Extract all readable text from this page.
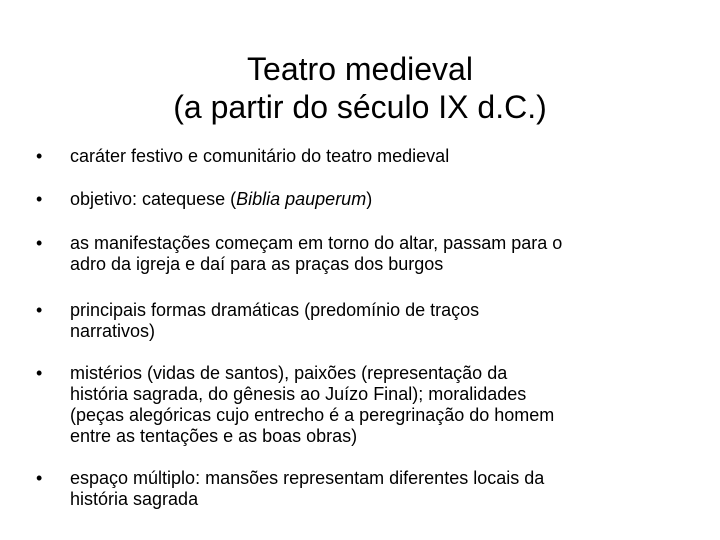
Teatro medieval
(a partir do século IX d.C.)
•	caráter festivo e comunitário do teatro medieval
•	objetivo: catequese (Biblia pauperum)
•	as manifestações começam em torno do altar, passam para o
adro da igreja e daí para as praças dos burgos
•	principais formas dramáticas (predomínio de traços
narrativos)
•	mistérios (vidas de santos), paixões (representação da
história sagrada, do gênesis ao Juízo Final); moralidades
(peças alegóricas cujo entrecho é a peregrinação do homem
entre as tentações e as boas obras)
•	espaço múltiplo: mansões representam diferentes locais da
história sagrada
